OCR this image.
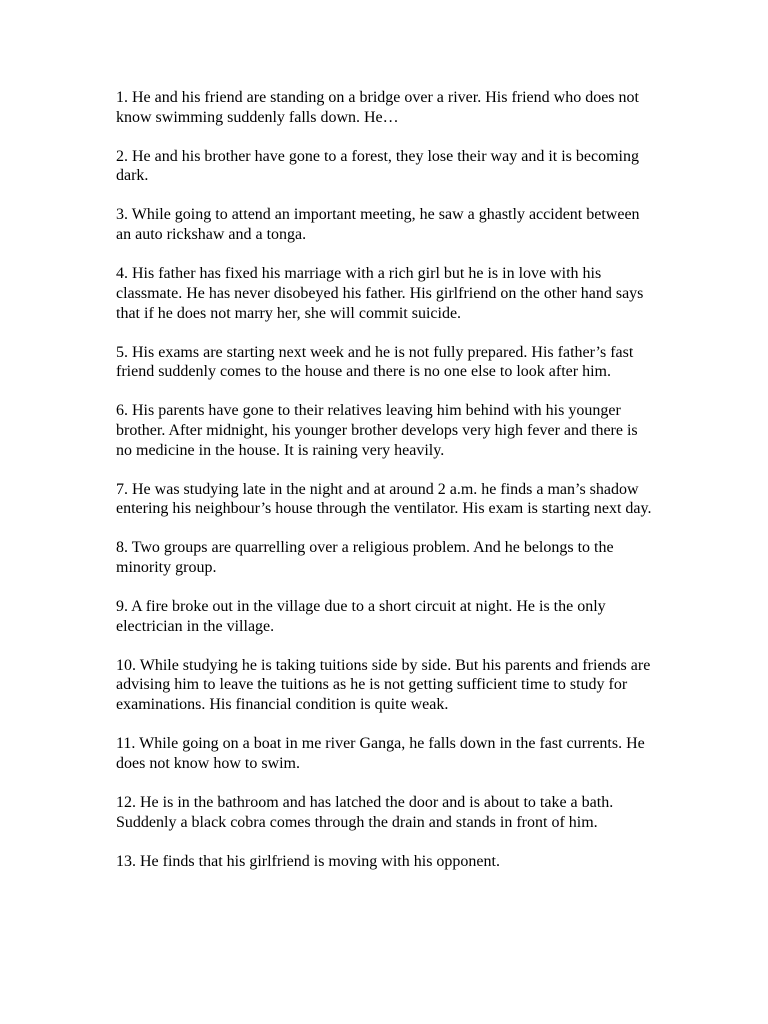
1. He and his friend are standing on a bridge over a river. His friend who does not know swimming suddenly falls down. He…

2. He and his brother have gone to a forest, they lose their way and it is becoming dark.

3. While going to attend an important meeting, he saw a ghastly accident between an auto rickshaw and a tonga.

4. His father has fixed his marriage with a rich girl but he is in love with his classmate. He has never disobeyed his father. His girlfriend on the other hand says that if he does not marry her, she will commit suicide.

5. His exams are starting next week and he is not fully prepared. His father’s fast friend suddenly comes to the house and there is no one else to look after him.

6. His parents have gone to their relatives leaving him behind with his younger brother. After midnight, his younger brother develops very high fever and there is no medicine in the house. It is raining very heavily.

7. He was studying late in the night and at around 2 a.m. he finds a man’s shadow entering his neighbour’s house through the ventilator. His exam is starting next day.

8. Two groups are quarrelling over a religious problem. And he belongs to the minority group.

9. A fire broke out in the village due to a short circuit at night. He is the only electrician in the village.

10. While studying he is taking tuitions side by side. But his parents and friends are advising him to leave the tuitions as he is not getting sufficient time to study for examinations. His financial condition is quite weak.

11. While going on a boat in me river Ganga, he falls down in the fast currents. He does not know how to swim.

12. He is in the bathroom and has latched the door and is about to take a bath. Suddenly a black cobra comes through the drain and stands in front of him.

13. He finds that his girlfriend is moving with his opponent.
